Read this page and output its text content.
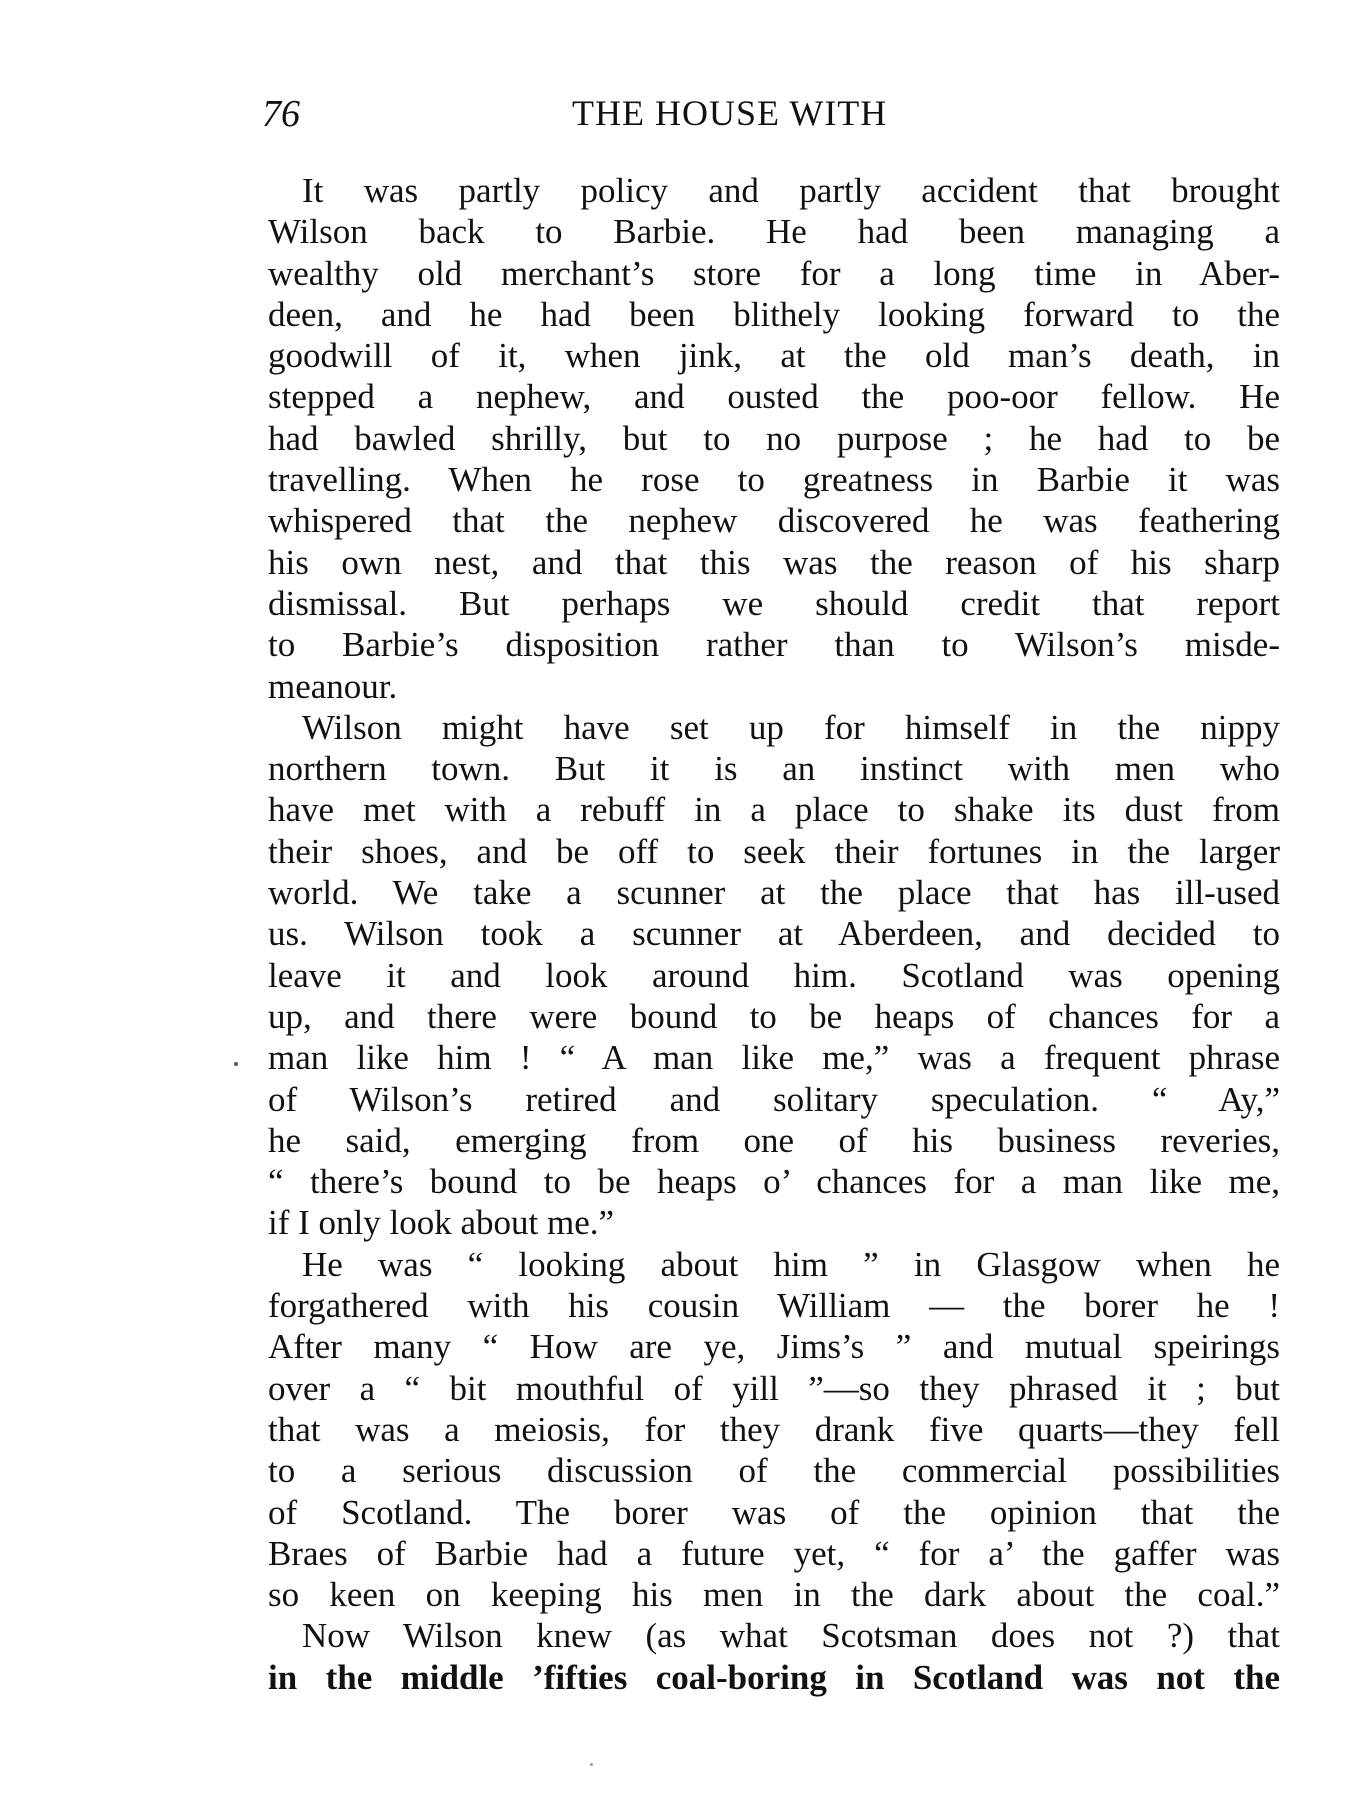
76	THE HOUSE WITH
It was partly policy and partly accident that brought
Wilson back to Barbie. He had been managing a
wealthy old merchant’s store for a long time in Aber-
deen, and he had been blithely looking forward to the
goodwill of it, when jink, at the old man’s death, in
stepped a nephew, and ousted the poo-oor fellow. He
had bawled shrilly, but to no purpose ; he had to be
travelling. When he rose to greatness in Barbie it was
whispered that the nephew discovered he was feathering
his own nest, and that this was the reason of his sharp
dismissal. But perhaps we should credit that report
to Barbie’s disposition rather than to Wilson’s misde-
meanour.
Wilson might have set up for himself in the nippy
northern town. But it is an instinct with men who
have met with a rebuff in a place to shake its dust from
their shoes, and be off to seek their fortunes in the larger
world. We take a scunner at the place that has ill-used
us. Wilson took a scunner at Aberdeen, and decided to
leave it and look around him. Scotland was opening
up, and there were bound to be heaps of chances for a
man like him ! “ A man like me,” was a frequent phrase
of Wilson’s retired and solitary speculation. “ Ay,”
he said, emerging from one of his business reveries,
“ there’s bound to be heaps o’ chances for a man like me,
if I only look about me.”
He was “ looking about him ” in Glasgow when he
forgathered with his cousin William — the borer he !
After many “ How are ye, Jims’s ” and mutual speirings
over a “ bit mouthful of yill ”—so they phrased it ; but
that was a meiosis, for they drank five quarts—they fell
to a serious discussion of the commercial possibilities
of Scotland. The borer was of the opinion that the
Braes of Barbie had a future yet, “ for a’ the gaffer was
so keen on keeping his men in the dark about the coal.”
Now Wilson knew (as what Scotsman does not ?) that
in the middle ’fifties coal-boring in Scotland was not the
